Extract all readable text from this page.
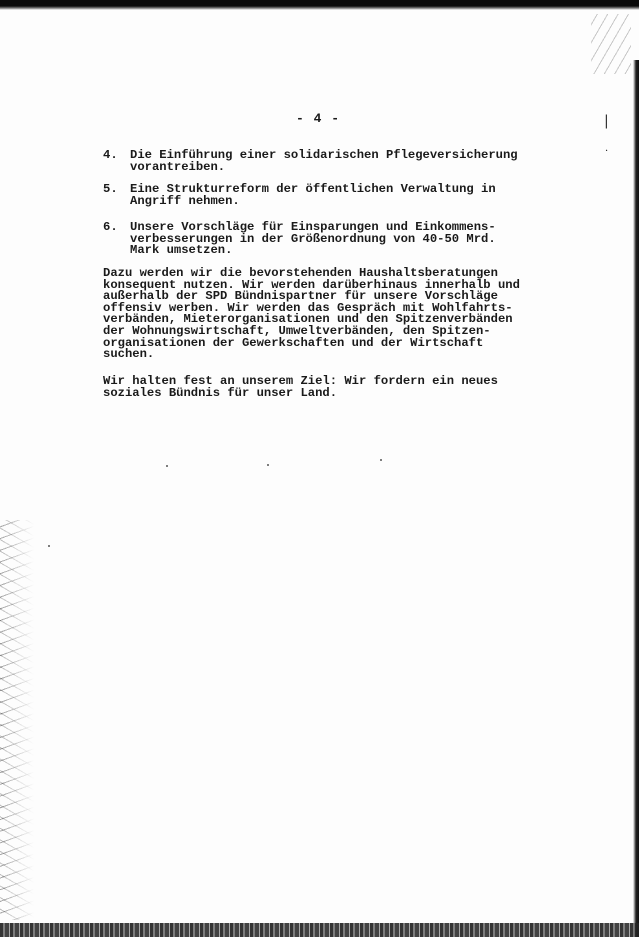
|
·
- 4 -
4. Die Einführung einer solidarischen Pflegeversicherung
vorantreiben.
5. Eine Strukturreform der öffentlichen Verwaltung in
Angriff nehmen.
6. Unsere Vorschläge für Einsparungen und Einkommens-
verbesserungen in der Größenordnung von 40-50 Mrd.
Mark umsetzen.
Dazu werden wir die bevorstehenden Haushaltsberatungen
konsequent nutzen. Wir werden darüberhinaus innerhalb und
außerhalb der SPD Bündnispartner für unsere Vorschläge
offensiv werben. Wir werden das Gespräch mit Wohlfahrts-
verbänden, Mieterorganisationen und den Spitzenverbänden
der Wohnungswirtschaft, Umweltverbänden, den Spitzen-
organisationen der Gewerkschaften und der Wirtschaft
suchen.
Wir halten fest an unserem Ziel: Wir fordern ein neues
soziales Bündnis für unser Land.
